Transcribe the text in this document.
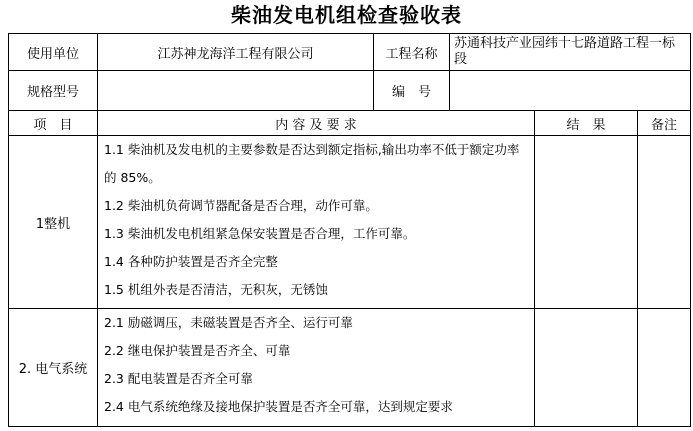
柴油发电机组检查验收表
使用单位	江苏神龙海洋工程有限公司	工程名称	苏通科技产业园纬十七路道路工程一标段		
规格型号		编　号			
项　目	内 容 及 要 求			结　果	备注
1整机	1.1 柴油机及发电机的主要参数是否达到额定指标,输出功率不低于额定功率的 85%。
1.2 柴油机负荷调节器配备是否合理，动作可靠。
1.3 柴油机发电机组紧急保安装置是否合理，工作可靠。
1.4 各种防护装置是否齐全完整
1.5 机组外表是否清洁，无积灰，无锈蚀				

2. 电气系统	2.1 励磁调压，耒磁装置是否齐全、运行可靠
2.2 继电保护装置是否齐全、可靠
2.3 配电装置是否齐全可靠
2.4 电气系统绝缘及接地保护装置是否齐全可靠，达到规定要求				
